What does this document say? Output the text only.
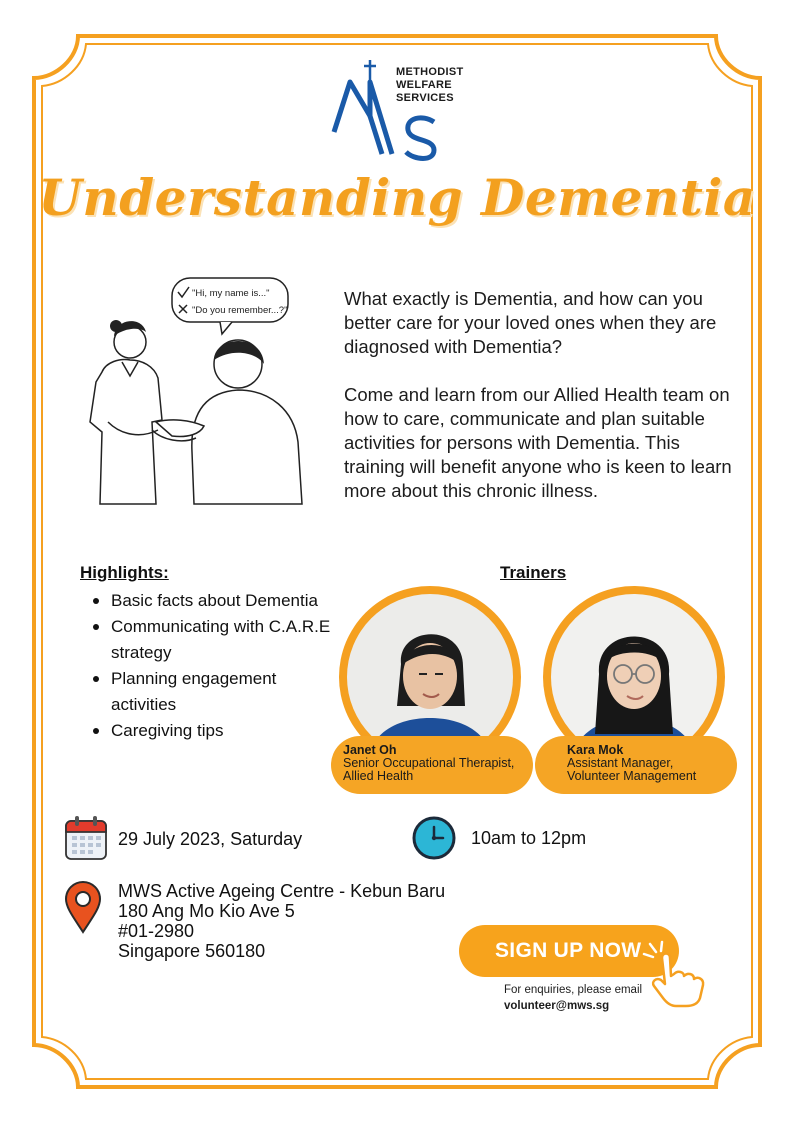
METHODIST
WELFARE
SERVICES
Understanding Dementia
"Hi, my name is..."
"Do you remember...?"

What exactly is Dementia, and how can you better care for your loved ones when they are diagnosed with Dementia?

Come and learn from our Allied Health team on how to care, communicate and plan suitable activities for persons with Dementia. This training will benefit anyone who is keen to learn more about this chronic illness.

Highlights:
Basic facts about Dementia
Communicating with C.A.R.E strategy
Planning engagement activities
Caregiving tips
Trainers
Janet Oh
Senior Occupational Therapist,
Allied Health
Kara Mok
Assistant Manager,
Volunteer Management
29 July 2023, Saturday	10am to 12pm
MWS Active Ageing Centre - Kebun Baru
180 Ang Mo Kio Ave 5
#01-2980
Singapore 560180	SIGN UP NOW
For enquiries, please email
volunteer@mws.sg
